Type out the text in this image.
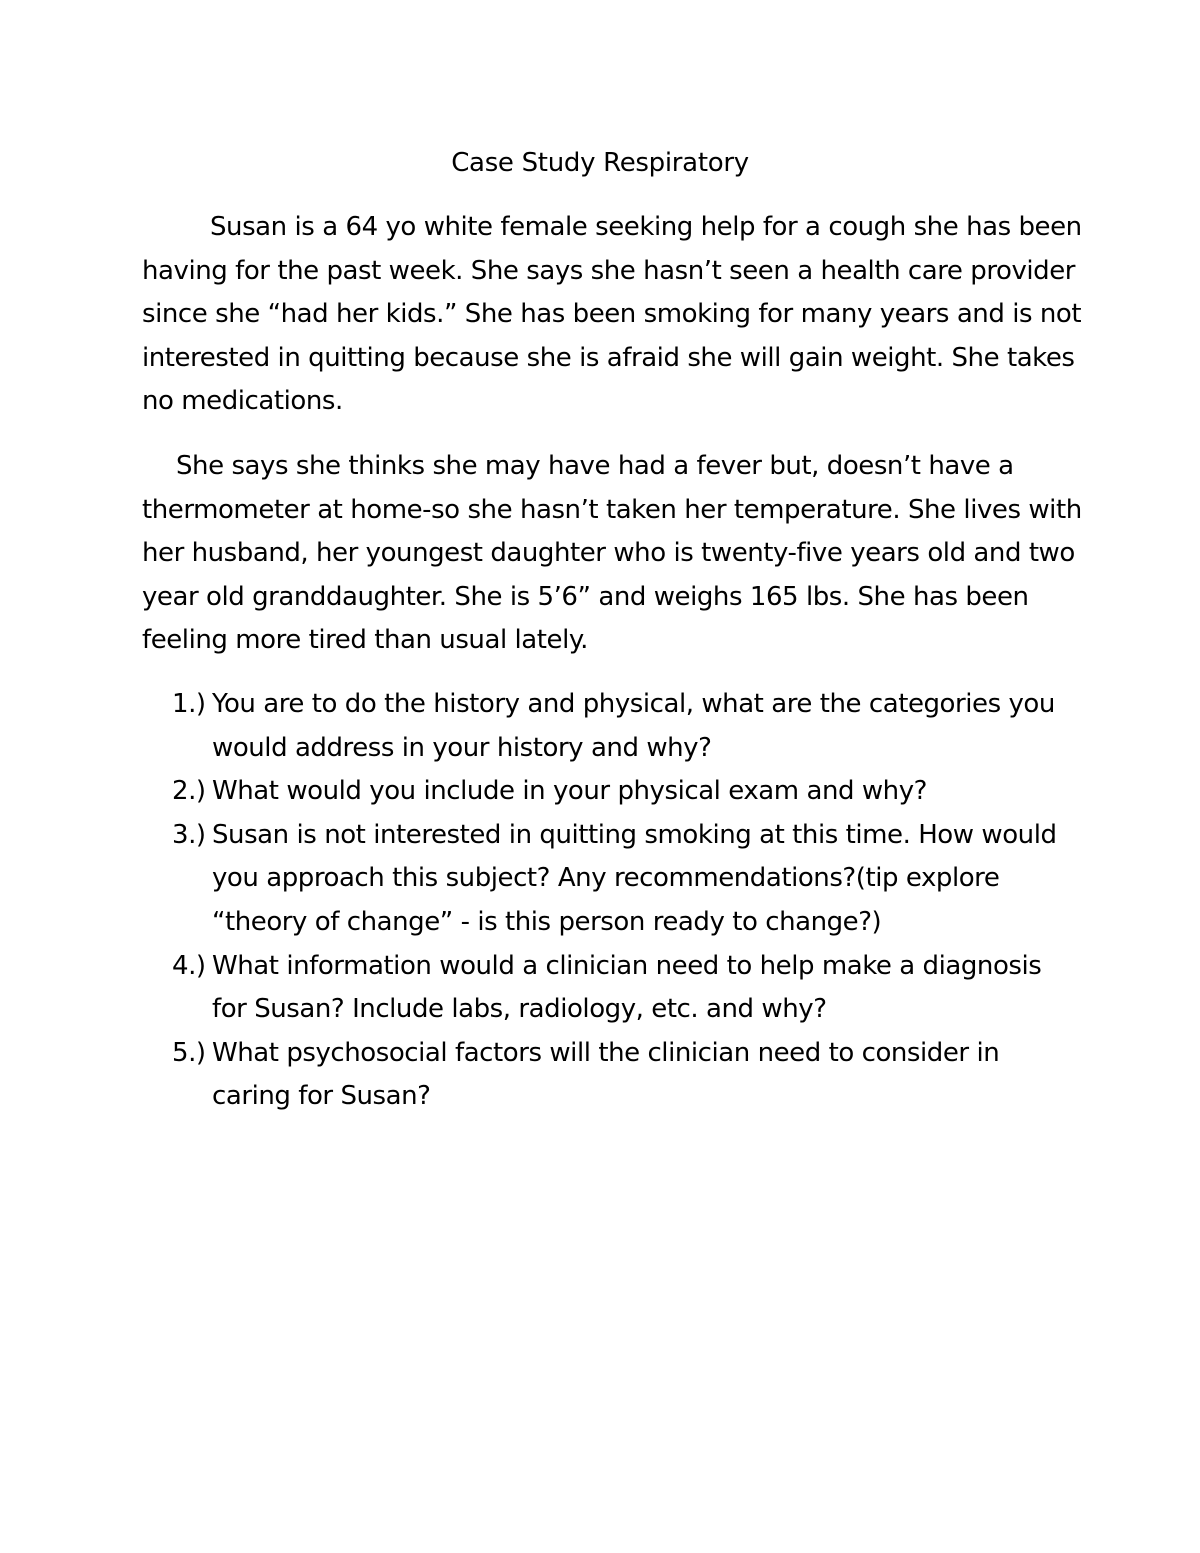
Case Study Respiratory

Susan is a 64 yo white female seeking help for a cough she has been having for the past week. She says she hasn’t seen a health care provider since she “had her kids.” She has been smoking for many years and is not interested in quitting because she is afraid she will gain weight. She takes no medications.

She says she thinks she may have had a fever but, doesn’t have a thermometer at home-so she hasn’t taken her temperature. She lives with her husband, her youngest daughter who is twenty-five years old and two year old granddaughter. She is 5’6” and weighs 165 lbs. She has been feeling more tired than usual lately.

1.) You are to do the history and physical, what are the categories you would address in your history and why?
2.) What would you include in your physical exam and why?
3.) Susan is not interested in quitting smoking at this time. How would you approach this subject? Any recommendations?(tip explore “theory of change” - is this person ready to change?)
4.) What information would a clinician need to help make a diagnosis for Susan? Include labs, radiology, etc. and why?
5.) What psychosocial factors will the clinician need to consider in caring for Susan?
